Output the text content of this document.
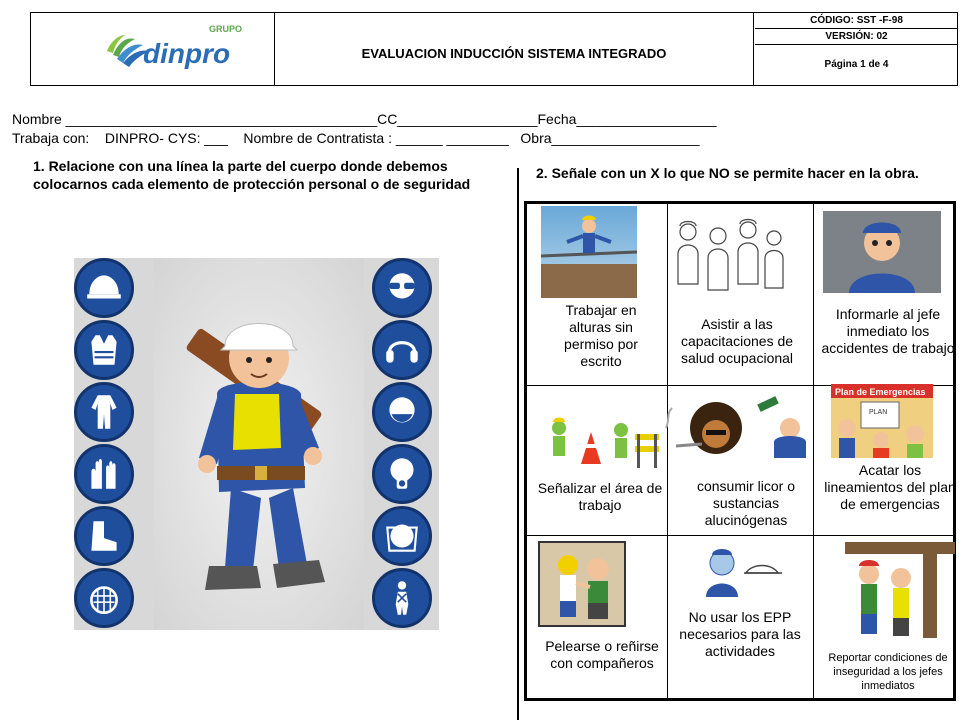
GRUPO
dinpro	EVALUACION INDUCCIÓN SISTEMA INTEGRADO
CÓDIGO: SST -F-98
VERSIÓN: 02
Página 1 de 4
Nombre ________________________________________CC__________________Fecha__________________
Trabaja con:    DINPRO- CYS: ___    Nombre de Contratista : ______ ________   Obra___________________
1. Relacione con una línea la parte del cuerpo donde debemos colocarnos cada elemento de protección personal o de seguridad
2. Señale con un X lo que NO se permite hacer en la obra.
Trabajar en alturas sin permiso por escrito
Asistir a las capacitaciones de salud ocupacional
Informarle al jefe inmediato los accidentes de trabajo
Señalizar el área de trabajo
consumir licor o sustancias alucinógenas
Plan de Emergencias
PLAN
Acatar los lineamientos del plan de emergencias
Pelearse o reñirse con compañeros
No usar los EPP necesarios para las actividades	Reportar condiciones de inseguridad a los jefes inmediatos
